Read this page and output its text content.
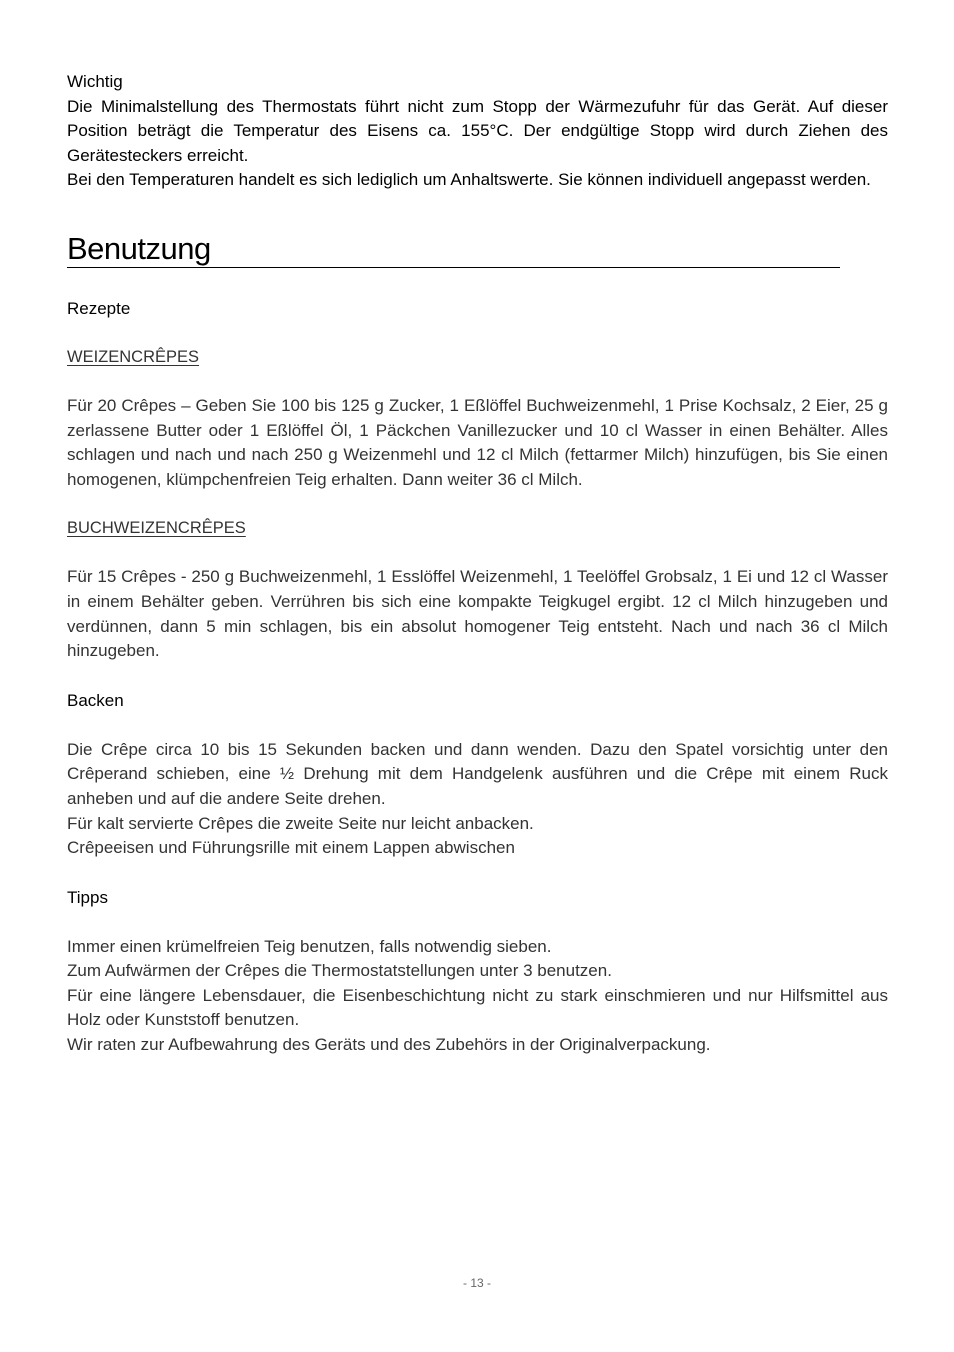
Wichtig

Die Minimalstellung des Thermostats führt nicht zum Stopp der Wärmezufuhr für das Gerät. Auf dieser Position beträgt die Temperatur des Eisens ca. 155°C. Der endgültige Stopp wird durch Ziehen des Gerätesteckers erreicht.

Bei den Temperaturen handelt es sich lediglich um Anhaltswerte. Sie können individuell angepasst werden.

Benutzung

Rezepte

WEIZENCRÊPES

Für 20 Crêpes – Geben Sie 100 bis 125 g Zucker, 1 Eßlöffel Buchweizenmehl, 1 Prise Kochsalz, 2 Eier, 25 g zerlassene Butter oder 1 Eßlöffel Öl, 1 Päckchen Vanillezucker und 10 cl Wasser in einen Behälter. Alles schlagen und nach und nach 250 g Weizenmehl und 12 cl Milch (fettarmer Milch) hinzufügen, bis Sie einen homogenen, klümpchenfreien Teig erhalten. Dann weiter 36 cl Milch.

BUCHWEIZENCRÊPES

Für 15 Crêpes - 250 g Buchweizenmehl, 1 Esslöffel Weizenmehl, 1 Teelöffel Grobsalz, 1 Ei und 12 cl Wasser in einem Behälter geben. Verrühren bis sich eine kompakte Teigkugel ergibt. 12 cl Milch hinzugeben und verdünnen, dann 5 min schlagen, bis ein absolut homogener Teig entsteht. Nach und nach 36 cl Milch hinzugeben.

Backen

Die Crêpe circa 10 bis 15 Sekunden backen und dann wenden. Dazu den Spatel vorsichtig unter den Crêperand schieben, eine ½ Drehung mit dem Handgelenk ausführen und die Crêpe mit einem Ruck anheben und auf die andere Seite drehen.

Für kalt servierte Crêpes die zweite Seite nur leicht anbacken.

Crêpeeisen und Führungsrille mit einem Lappen abwischen

Tipps

Immer einen krümelfreien Teig benutzen, falls notwendig sieben.

Zum Aufwärmen der Crêpes die Thermostatstellungen unter 3 benutzen.

Für eine längere Lebensdauer, die Eisenbeschichtung nicht zu stark einschmieren und nur Hilfsmittel aus Holz oder Kunststoff benutzen.

Wir raten zur Aufbewahrung des Geräts und des Zubehörs in der Originalverpackung.

- 13 -
